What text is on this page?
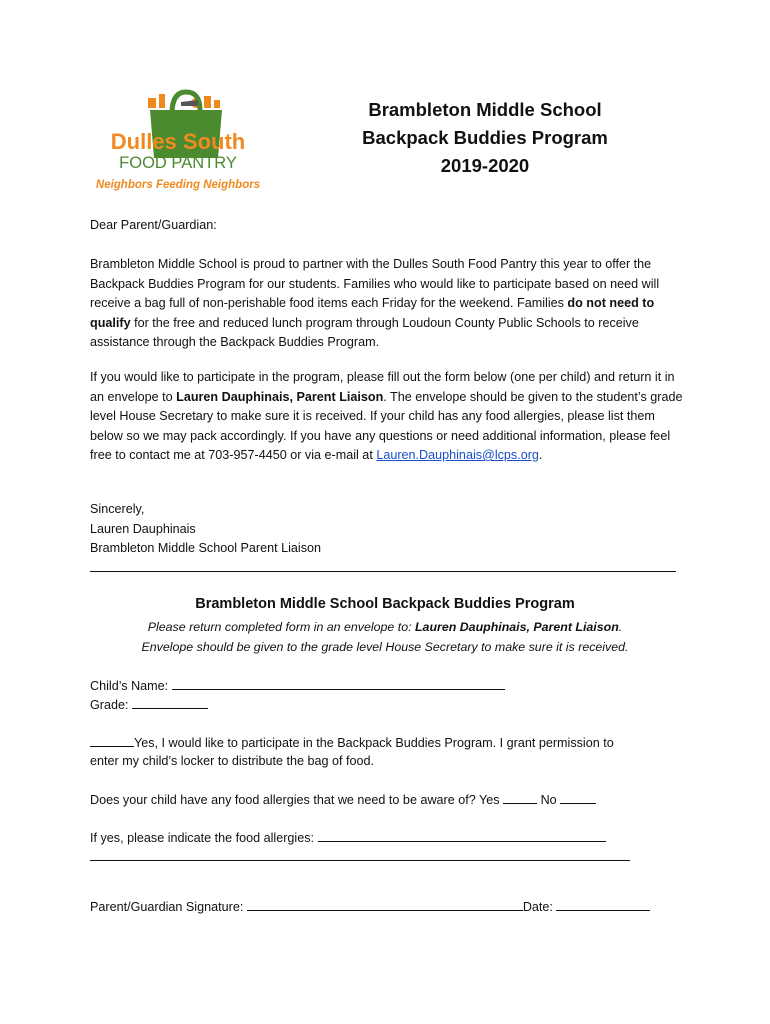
Dulles South
FOOD PANTRY
Neighbors Feeding Neighbors
Brambleton Middle School
Backpack Buddies Program
2019-2020

Dear Parent/Guardian:

Brambleton Middle School is proud to partner with the Dulles South Food Pantry this year to offer the Backpack Buddies Program for our students. Families who would like to participate based on need will receive a bag full of non-perishable food items each Friday for the weekend. Families do not need to qualify for the free and reduced lunch program through Loudoun County Public Schools to receive assistance through the Backpack Buddies Program.

If you would like to participate in the program, please fill out the form below (one per child) and return it in an envelope to Lauren Dauphinais, Parent Liaison. The envelope should be given to the student’s grade level House Secretary to make sure it is received. If your child has any food allergies, please list them below so we may pack accordingly. If you have any questions or need additional information, please feel free to contact me at 703-957-4450 or via e-mail at Lauren.Dauphinais@lcps.org.

Sincerely,

Lauren Dauphinais

Brambleton Middle School Parent Liaison

Brambleton Middle School Backpack Buddies Program
Please return completed form in an envelope to: Lauren Dauphinais, Parent Liaison.
Envelope should be given to the grade level House Secretary to make sure it is received.
Child’s Name:
Grade:
Yes, I would like to participate in the Backpack Buddies Program. I grant permission to
enter my child’s locker to distribute the bag of food.
Does your child have any food allergies that we need to be aware of? Yes	No
If yes, please indicate the food allergies:
Parent/Guardian Signature:	Date:
